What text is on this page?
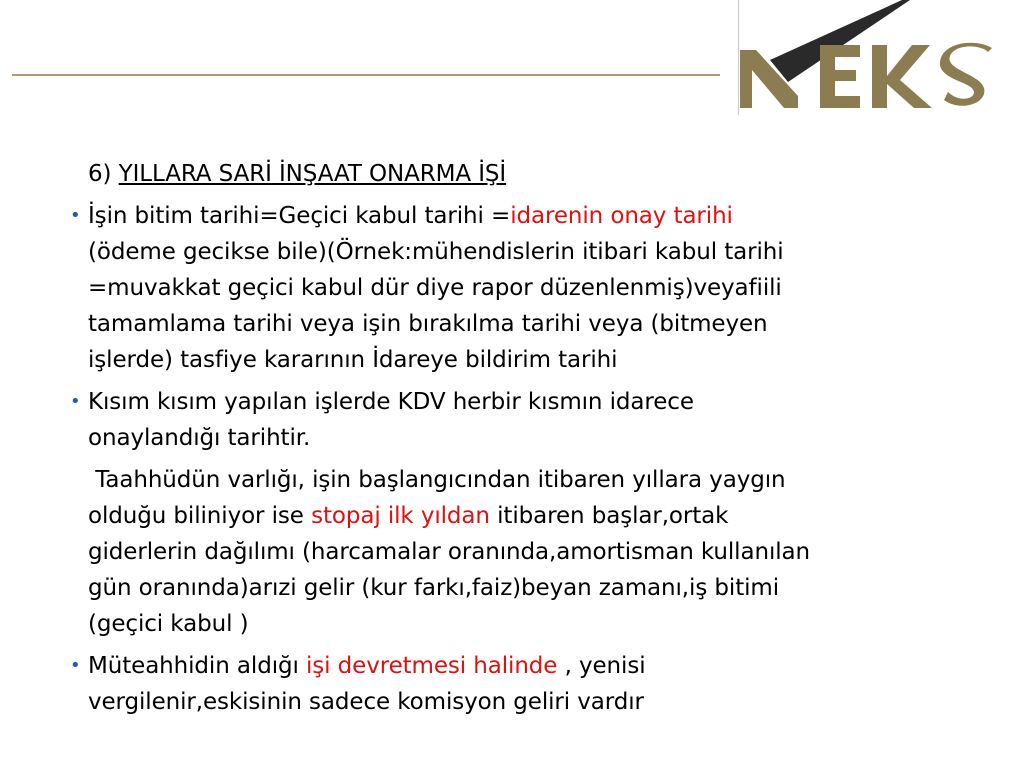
6) YILLARA SARİ İNŞAAT ONARMA İŞİ
• İşin bitim tarihi=Geçici kabul tarihi =idarenin onay tarihi
(ödeme gecikse bile)(Örnek:mühendislerin itibari kabul tarihi
=muvakkat geçici kabul dür diye rapor düzenlenmiş)veyafiili
tamamlama tarihi veya işin bırakılma tarihi veya (bitmeyen
işlerde) tasfiye kararının İdareye bildirim tarihi
• Kısım kısım yapılan işlerde KDV herbir kısmın idarece
onaylandığı tarihtir.
Taahhüdün varlığı, işin başlangıcından itibaren yıllara yaygın
olduğu biliniyor ise stopaj ilk yıldan itibaren başlar,ortak
giderlerin dağılımı (harcamalar oranında,amortisman kullanılan
gün oranında)arızi gelir (kur farkı,faiz)beyan zamanı,iş bitimi
(geçici kabul )
• Müteahhidin aldığı işi devretmesi halinde , yenisi
vergilenir,eskisinin sadece komisyon geliri vardır
